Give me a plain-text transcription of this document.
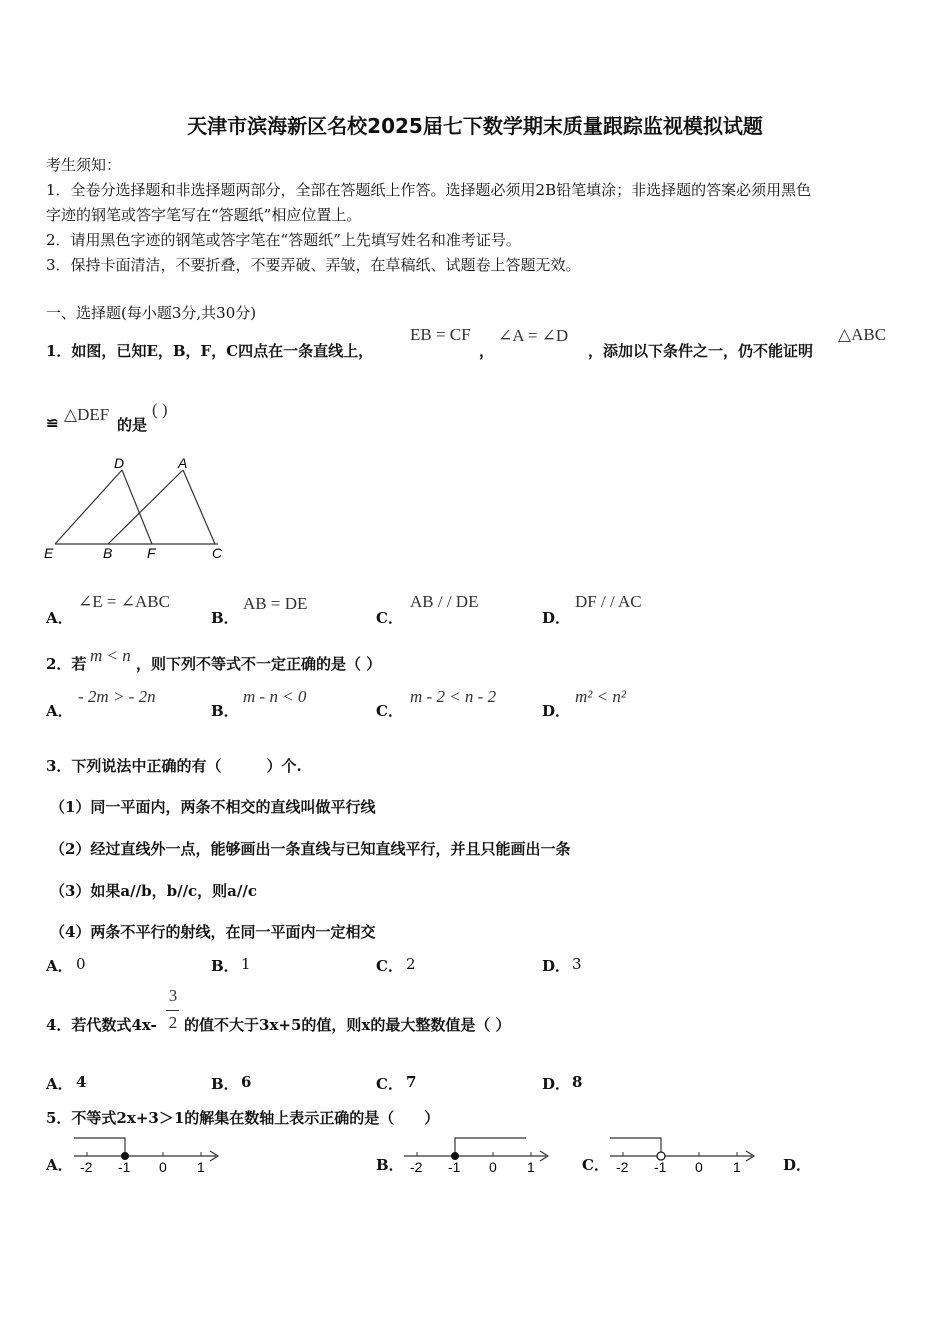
天津市滨海新区名校2025届七下数学期末质量跟踪监视模拟试题
考生须知：
1．全卷分选择题和非选择题两部分，全部在答题纸上作答。选择题必须用2B铅笔填涂；非选择题的答案必须用黑色
字迹的钢笔或答字笔写在“答题纸”相应位置上。
2．请用黑色字迹的钢笔或答字笔在“答题纸”上先填写姓名和准考证号。
3．保持卡面清洁，不要折叠，不要弄破、弄皱，在草稿纸、试题卷上答题无效。
一、选择题(每小题3分,共30分)
1．如图，已知E，B，F，C四点在一条直线上，
EB = CF
，
∠A = ∠D
，添加以下条件之一，仍不能证明
△ABC
≌ △DEF
的是
( )
D	A
E	B F	C
A．
∠E = ∠ABC
B．
AB = DE
C．
AB / / DE
D．
DF / / AC
2．若 m < n ，则下列不等式不一定正确的是（ ）
A．
- 2m > - 2n
B．
m - n < 0
C．
m - 2 < n - 2
D．
m² < n²
3．下列说法中正确的有（　　　）个.
（1）同一平面内，两条不相交的直线叫做平行线
（2）经过直线外一点，能够画出一条直线与已知直线平行，并且只能画出一条
（3）如果a//b，b//c，则a//c
（4）两条不平行的射线，在同一平面内一定相交
A． 0	B． 1	C． 2	D． 3
4．若代数式4x-
3
2 的值不大于3x+5的值，则x的最大整数值是（ ）
A． 4	B． 6	C． 7	D． 8
5．不等式2x+3＞1的解集在数轴上表示正确的是（　　）
A． -2 -1 0 1	B． -2 -1 0 1	C． -2 -1 0 1	D．
